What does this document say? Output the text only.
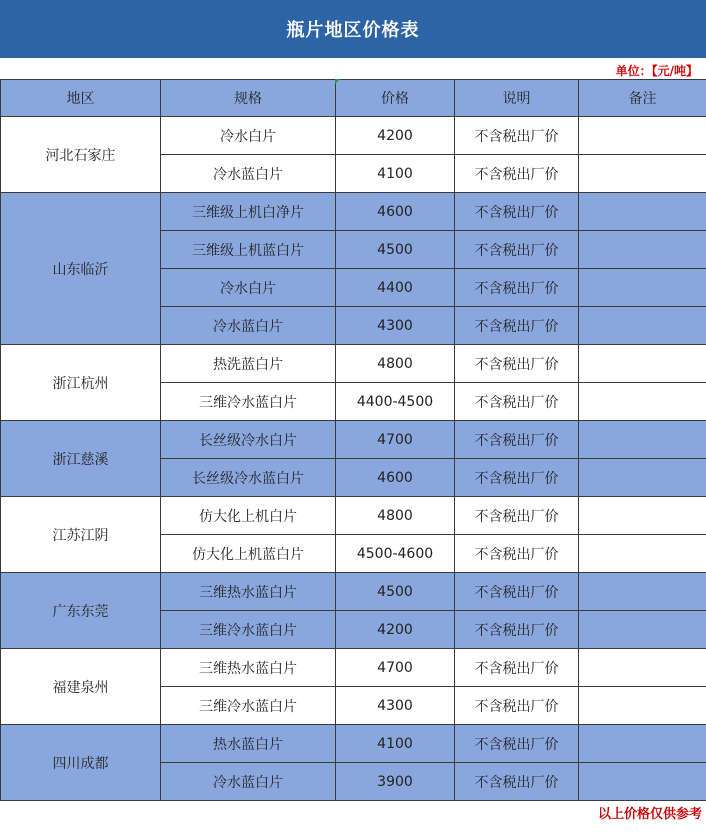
瓶片地区价格表
单位：【元/吨】
地区	规格	价格	说明	备注
河北石家庄	冷水白片	4200	不含税出厂价	
	冷水蓝白片	4100	不含税出厂价	
山东临沂	三维级上机白净片	4600	不含税出厂价	
	三维级上机蓝白片	4500	不含税出厂价	
	冷水白片	4400	不含税出厂价	
	冷水蓝白片	4300	不含税出厂价	
浙江杭州	热洗蓝白片	4800	不含税出厂价	
	三维冷水蓝白片	4400-4500	不含税出厂价	
浙江慈溪	长丝级冷水白片	4700	不含税出厂价	
	长丝级冷水蓝白片	4600	不含税出厂价	
江苏江阴	仿大化上机白片	4800	不含税出厂价	
	仿大化上机蓝白片	4500-4600	不含税出厂价	
广东东莞	三维热水蓝白片	4500	不含税出厂价	
	三维冷水蓝白片	4200	不含税出厂价	
福建泉州	三维热水蓝白片	4700	不含税出厂价	
	三维冷水蓝白片	4300	不含税出厂价	
四川成都	热水蓝白片	4100	不含税出厂价	
	冷水蓝白片	3900	不含税出厂价	
以上价格仅供参考
